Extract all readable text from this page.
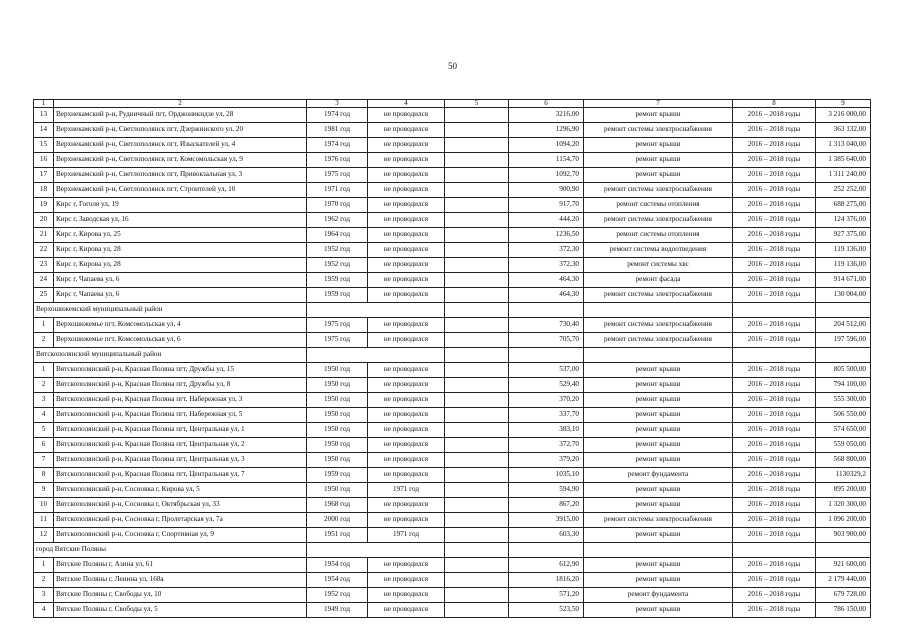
50
1	2	3	4	5	6	7	8	9
13	Верхнекамский р-н, Рудничный пгт, Орджоникидзе ул, 28	1974 год	не проводился		3216,00	ремонт крыши	2016 – 2018 годы	3 216 000,00
14	Верхнекамский р-н, Светлополянск пгт, Дзержинского ул, 20	1981 год	не проводился		1296,90	ремонт системы электроснабжения	2016 – 2018 годы	363 132,00
15	Верхнекамский р-н, Светлополянск пгт, Изыскателей ул, 4	1974 год	не проводился		1094,20	ремонт крыши	2016 – 2018 годы	1 313 040,00
16	Верхнекамский р-н, Светлополянск пгт, Комсомольская ул, 9	1976 год	не проводился		1154,70	ремонт крыши	2016 – 2018 годы	1 385 640,00
17	Верхнекамский р-н, Светлополянск пгт, Привокзальная ул, 3	1975 год	не проводился		1092,70	ремонт крыши	2016 – 2018 годы	1 311 240,00
18	Верхнекамский р-н, Светлополянск пгт, Строителей ул, 10	1971 год	не проводился		900,90	ремонт системы электроснабжения	2016 – 2018 годы	252 252,00
19	Кирс г, Гоголя ул, 19	1970 год	не проводился		917,70	ремонт системы отопления	2016 – 2018 годы	688 275,00
20	Кирс г, Заводская ул, 16	1962 год	не проводился		444,20	ремонт системы электроснабжения	2016 – 2018 годы	124 376,00
21	Кирс г, Кирова ул, 25	1964 год	не проводился		1236,50	ремонт системы отопления	2016 – 2018 годы	927 375,00
22	Кирс г, Кирова ул, 28	1952 год	не проводился		372,30	ремонт системы водоотведения	2016 – 2018 годы	119 136,00
23	Кирс г, Кирова ул, 28	1952 год	не проводился		372,30	ремонт системы хвс	2016 – 2018 годы	119 136,00
24	Кирс г, Чапаева ул, 6	1959 год	не проводился		464,30	ремонт фасада	2016 – 2018 годы	914 671,00
25	Кирс г, Чапаева ул, 6	1959 год	не проводился		464,30	ремонт системы электроснабжения	2016 – 2018 годы	130 004,00
Верхошижемский муниципальный район								
1	Верхошижемье пгт, Комсомольская ул, 4	1975 год	не проводился		730,40	ремонт системы электроснабжения	2016 – 2018 годы	204 512,00
2	Верхошижемье пгт, Комсомольская ул, 6	1975 год	не проводился		705,70	ремонт системы электроснабжения	2016 – 2018 годы	197 596,00
Вятскополянский муниципальный район								
1	Вятскополянский р-н, Красная Поляна пгт, Дружбы ул, 15	1950 год	не проводился		537,00	ремонт крыши	2016 – 2018 годы	805 500,00
2	Вятскополянский р-н, Красная Поляна пгт, Дружбы ул, 8	1950 год	не проводился		529,40	ремонт крыши	2016 – 2018 годы	794 100,00
3	Вятскополянский р-н, Красная Поляна пгт, Набережная ул, 3	1950 год	не проводился		370,20	ремонт крыши	2016 – 2018 годы	555 300,00
4	Вятскополянский р-н, Красная Поляна пгт, Набережная ул, 5	1950 год	не проводился		337,70	ремонт крыши	2016 – 2018 годы	506 550,00
5	Вятскополянский р-н, Красная Поляна пгт, Центральная ул, 1	1950 год	не проводился		383,10	ремонт крыши	2016 – 2018 годы	574 650,00
6	Вятскополянский р-н, Красная Поляна пгт, Центральная ул, 2	1950 год	не проводился		372,70	ремонт крыши	2016 – 2018 годы	559 050,00
7	Вятскополянский р-н, Красная Поляна пгт, Центральная ул, 3	1950 год	не проводился		379,20	ремонт крыши	2016 – 2018 годы	568 800,00
8	Вятскополянский р-н, Красная Поляна пгт, Центральная ул, 7	1959 год	не проводился		1035,10	ремонт фундамента	2016 – 2018 годы	1130329,2
9	Вятскополянский р-н, Сосновка г, Кирова ул, 5	1950 год	1971 год		594,90	ремонт крыши	2016 – 2018 годы	895 200,00
10	Вятскополянский р-н, Сосновка г, Октябрьская ул, 33	1968 год	не проводился		867,20	ремонт крыши	2016 – 2018 годы	1 320 300,00
11	Вятскополянский р-н, Сосновка г, Пролетарская ул, 7а	2000 год	не проводился		3915,00	ремонт системы электроснабжения	2016 – 2018 годы	1 096 200,00
12	Вятскополянский р-н, Сосновка г, Спортивная ул, 9	1951 год	1971 год		603,30	ремонт крыши	2016 – 2018 годы	903 900,00
город Вятские Поляны								
1	Вятские Поляны г, Азина ул, 61	1954 год	не проводился		612,90	ремонт крыши	2016 – 2018 годы	921 600,00
2	Вятские Поляны г, Ленина ул, 168а	1954 год	не проводился		1816,20	ремонт крыши	2016 – 2018 годы	2 179 440,00
3	Вятские Поляны г, Свободы ул, 10	1952 год	не проводился		571,20	ремонт фундамента	2016 – 2018 годы	679 728,00
4	Вятские Поляны г, Свободы ул, 5	1949 год	не проводился		523,50	ремонт крыши	2016 – 2018 годы	786 150,00
